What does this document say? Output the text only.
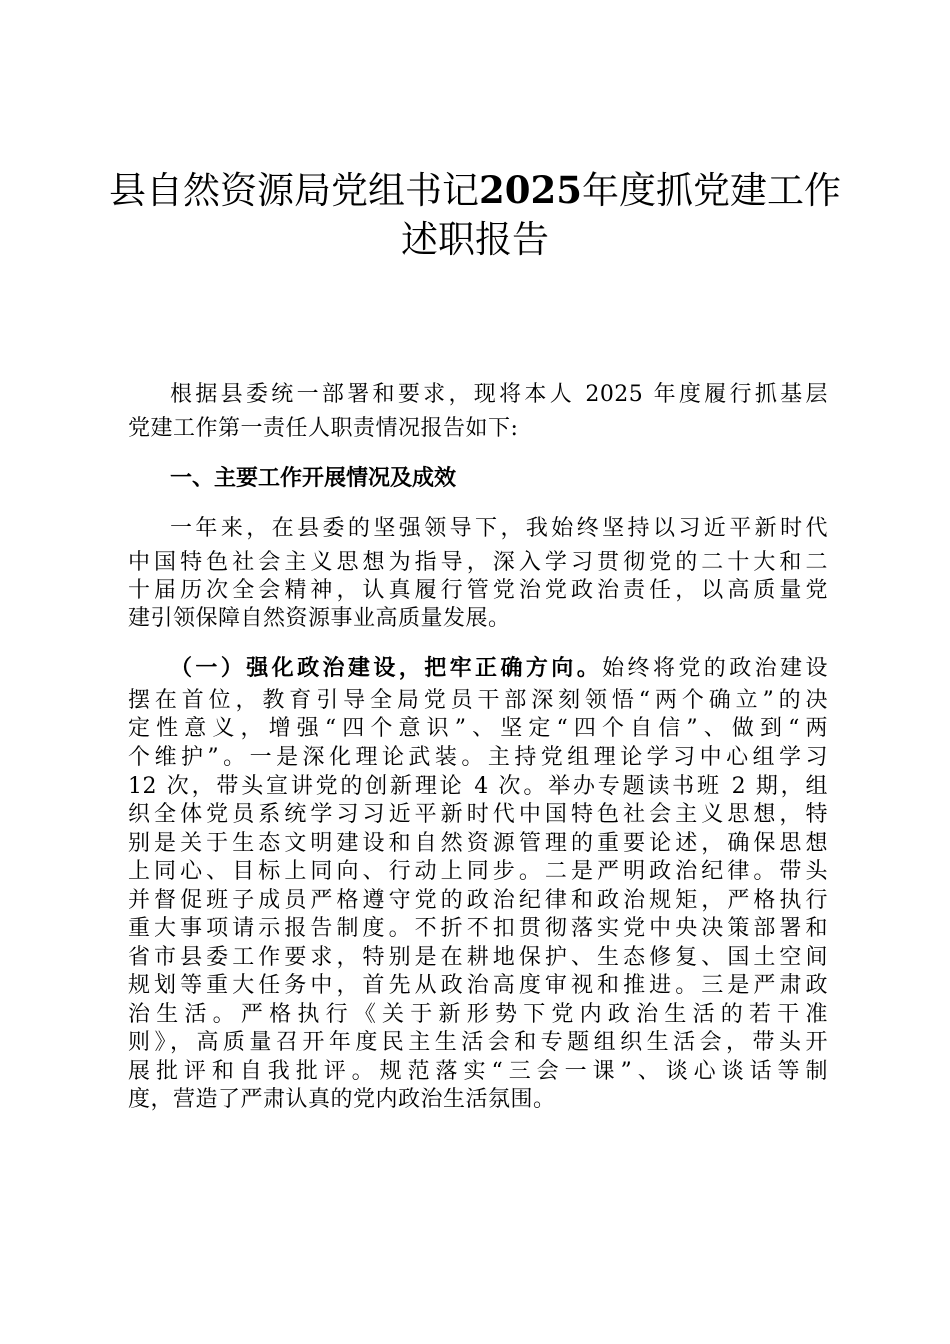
县自然资源局党组书记2025年度抓党建工作
述职报告
根据县委统一部署和要求，现将本人 2025 年度履行抓基层
党建工作第一责任人职责情况报告如下:
一、主要工作开展情况及成效
一年来，在县委的坚强领导下，我始终坚持以习近平新时代
中国特色社会主义思想为指导，深入学习贯彻党的二十大和二
十届历次全会精神，认真履行管党治党政治责任，以高质量党
建引领保障自然资源事业高质量发展。
（一）强化政治建设，把牢正确方向。始终将党的政治建设
摆在首位，教育引导全局党员干部深刻领悟“两个确立”的决
定性意义，增强“四个意识”、坚定“四个自信”、做到“两
个维护”。一是深化理论武装。主持党组理论学习中心组学习
12 次，带头宣讲党的创新理论 4 次。举办专题读书班 2 期，组
织全体党员系统学习习近平新时代中国特色社会主义思想，特
别是关于生态文明建设和自然资源管理的重要论述，确保思想
上同心、目标上同向、行动上同步。二是严明政治纪律。带头
并督促班子成员严格遵守党的政治纪律和政治规矩，严格执行
重大事项请示报告制度。不折不扣贯彻落实党中央决策部署和
省市县委工作要求，特别是在耕地保护、生态修复、国土空间
规划等重大任务中，首先从政治高度审视和推进。三是严肃政
治生活。严格执行《关于新形势下党内政治生活的若干准
则》，高质量召开年度民主生活会和专题组织生活会，带头开
展批评和自我批评。规范落实“三会一课”、谈心谈话等制
度，营造了严肃认真的党内政治生活氛围。
